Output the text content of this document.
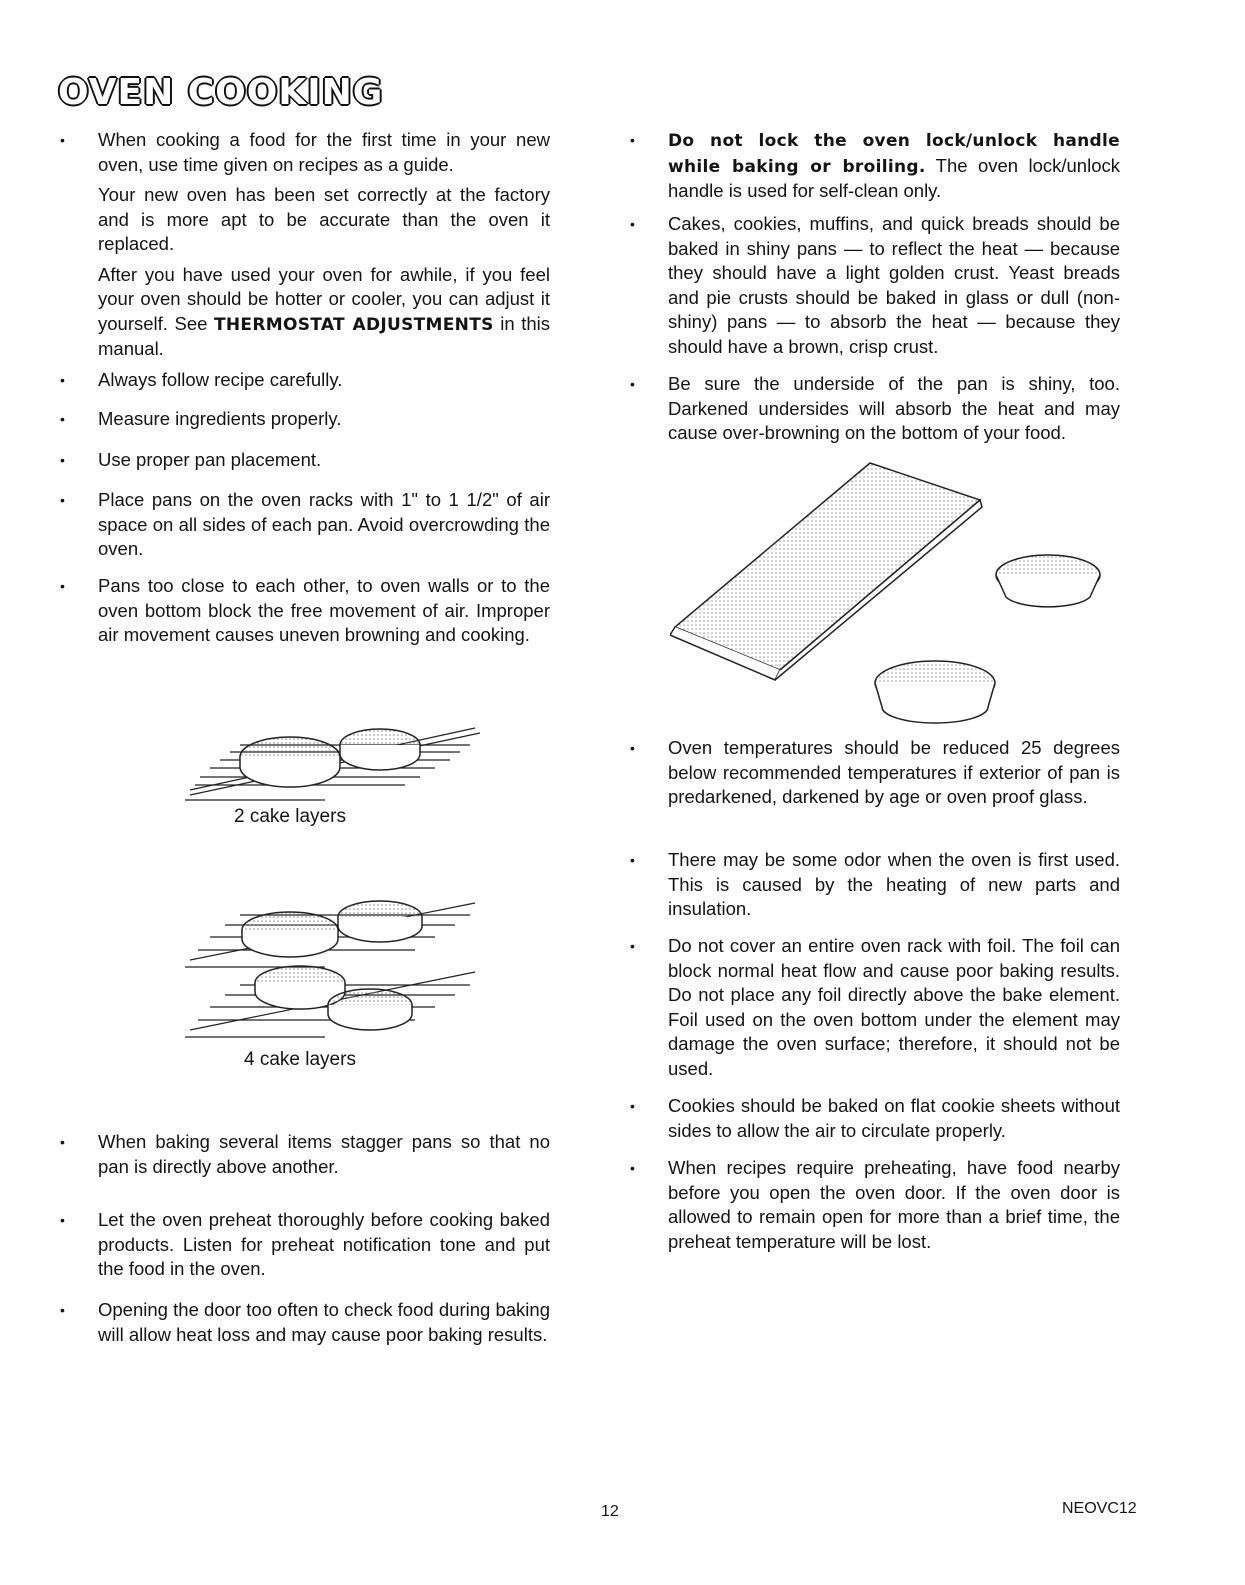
OVEN COOKING
• When cooking a food for the first time in your new oven, use time given on recipes as a guide.

Your new oven has been set correctly at the factory and is more apt to be accurate than the oven it replaced.

After you have used your oven for awhile, if you feel your oven should be hotter or cooler, you can adjust it yourself. See THERMOSTAT ADJUSTMENTS in this manual.

• Always follow recipe carefully.

• Measure ingredients properly.

• Use proper pan placement.

• Place pans on the oven racks with 1" to 1 1/2" of air space on all sides of each pan. Avoid overcrowding the oven.

• Pans too close to each other, to oven walls or to the oven bottom block the free movement of air. Improper air movement causes uneven browning and cooking.

• When baking several items stagger pans so that no pan is directly above another.

• Let the oven preheat thoroughly before cooking baked products. Listen for preheat notification tone and put the food in the oven.

• Opening the door too often to check food during baking will allow heat loss and may cause poor baking results.

2 cake layers
4 cake layers
• Do not lock the oven lock/unlock handle while baking or broiling. The oven lock/unlock handle is used for self-clean only.

• Cakes, cookies, muffins, and quick breads should be baked in shiny pans — to reflect the heat — because they should have a light golden crust. Yeast breads and pie crusts should be baked in glass or dull (non-shiny) pans — to absorb the heat — because they should have a brown, crisp crust.

• Be sure the underside of the pan is shiny, too. Darkened undersides will absorb the heat and may cause over-browning on the bottom of your food.

• Oven temperatures should be reduced 25 degrees below recommended temperatures if exterior of pan is predarkened, darkened by age or oven proof glass.

• There may be some odor when the oven is first used. This is caused by the heating of new parts and insulation.

• Do not cover an entire oven rack with foil. The foil can block normal heat flow and cause poor baking results. Do not place any foil directly above the bake element. Foil used on the oven bottom under the element may damage the oven surface; therefore, it should not be used.

• Cookies should be baked on flat cookie sheets without sides to allow the air to circulate properly.

• When recipes require preheating, have food nearby before you open the oven door. If the oven door is allowed to remain open for more than a brief time, the preheat temperature will be lost.

12	NEOVC12
